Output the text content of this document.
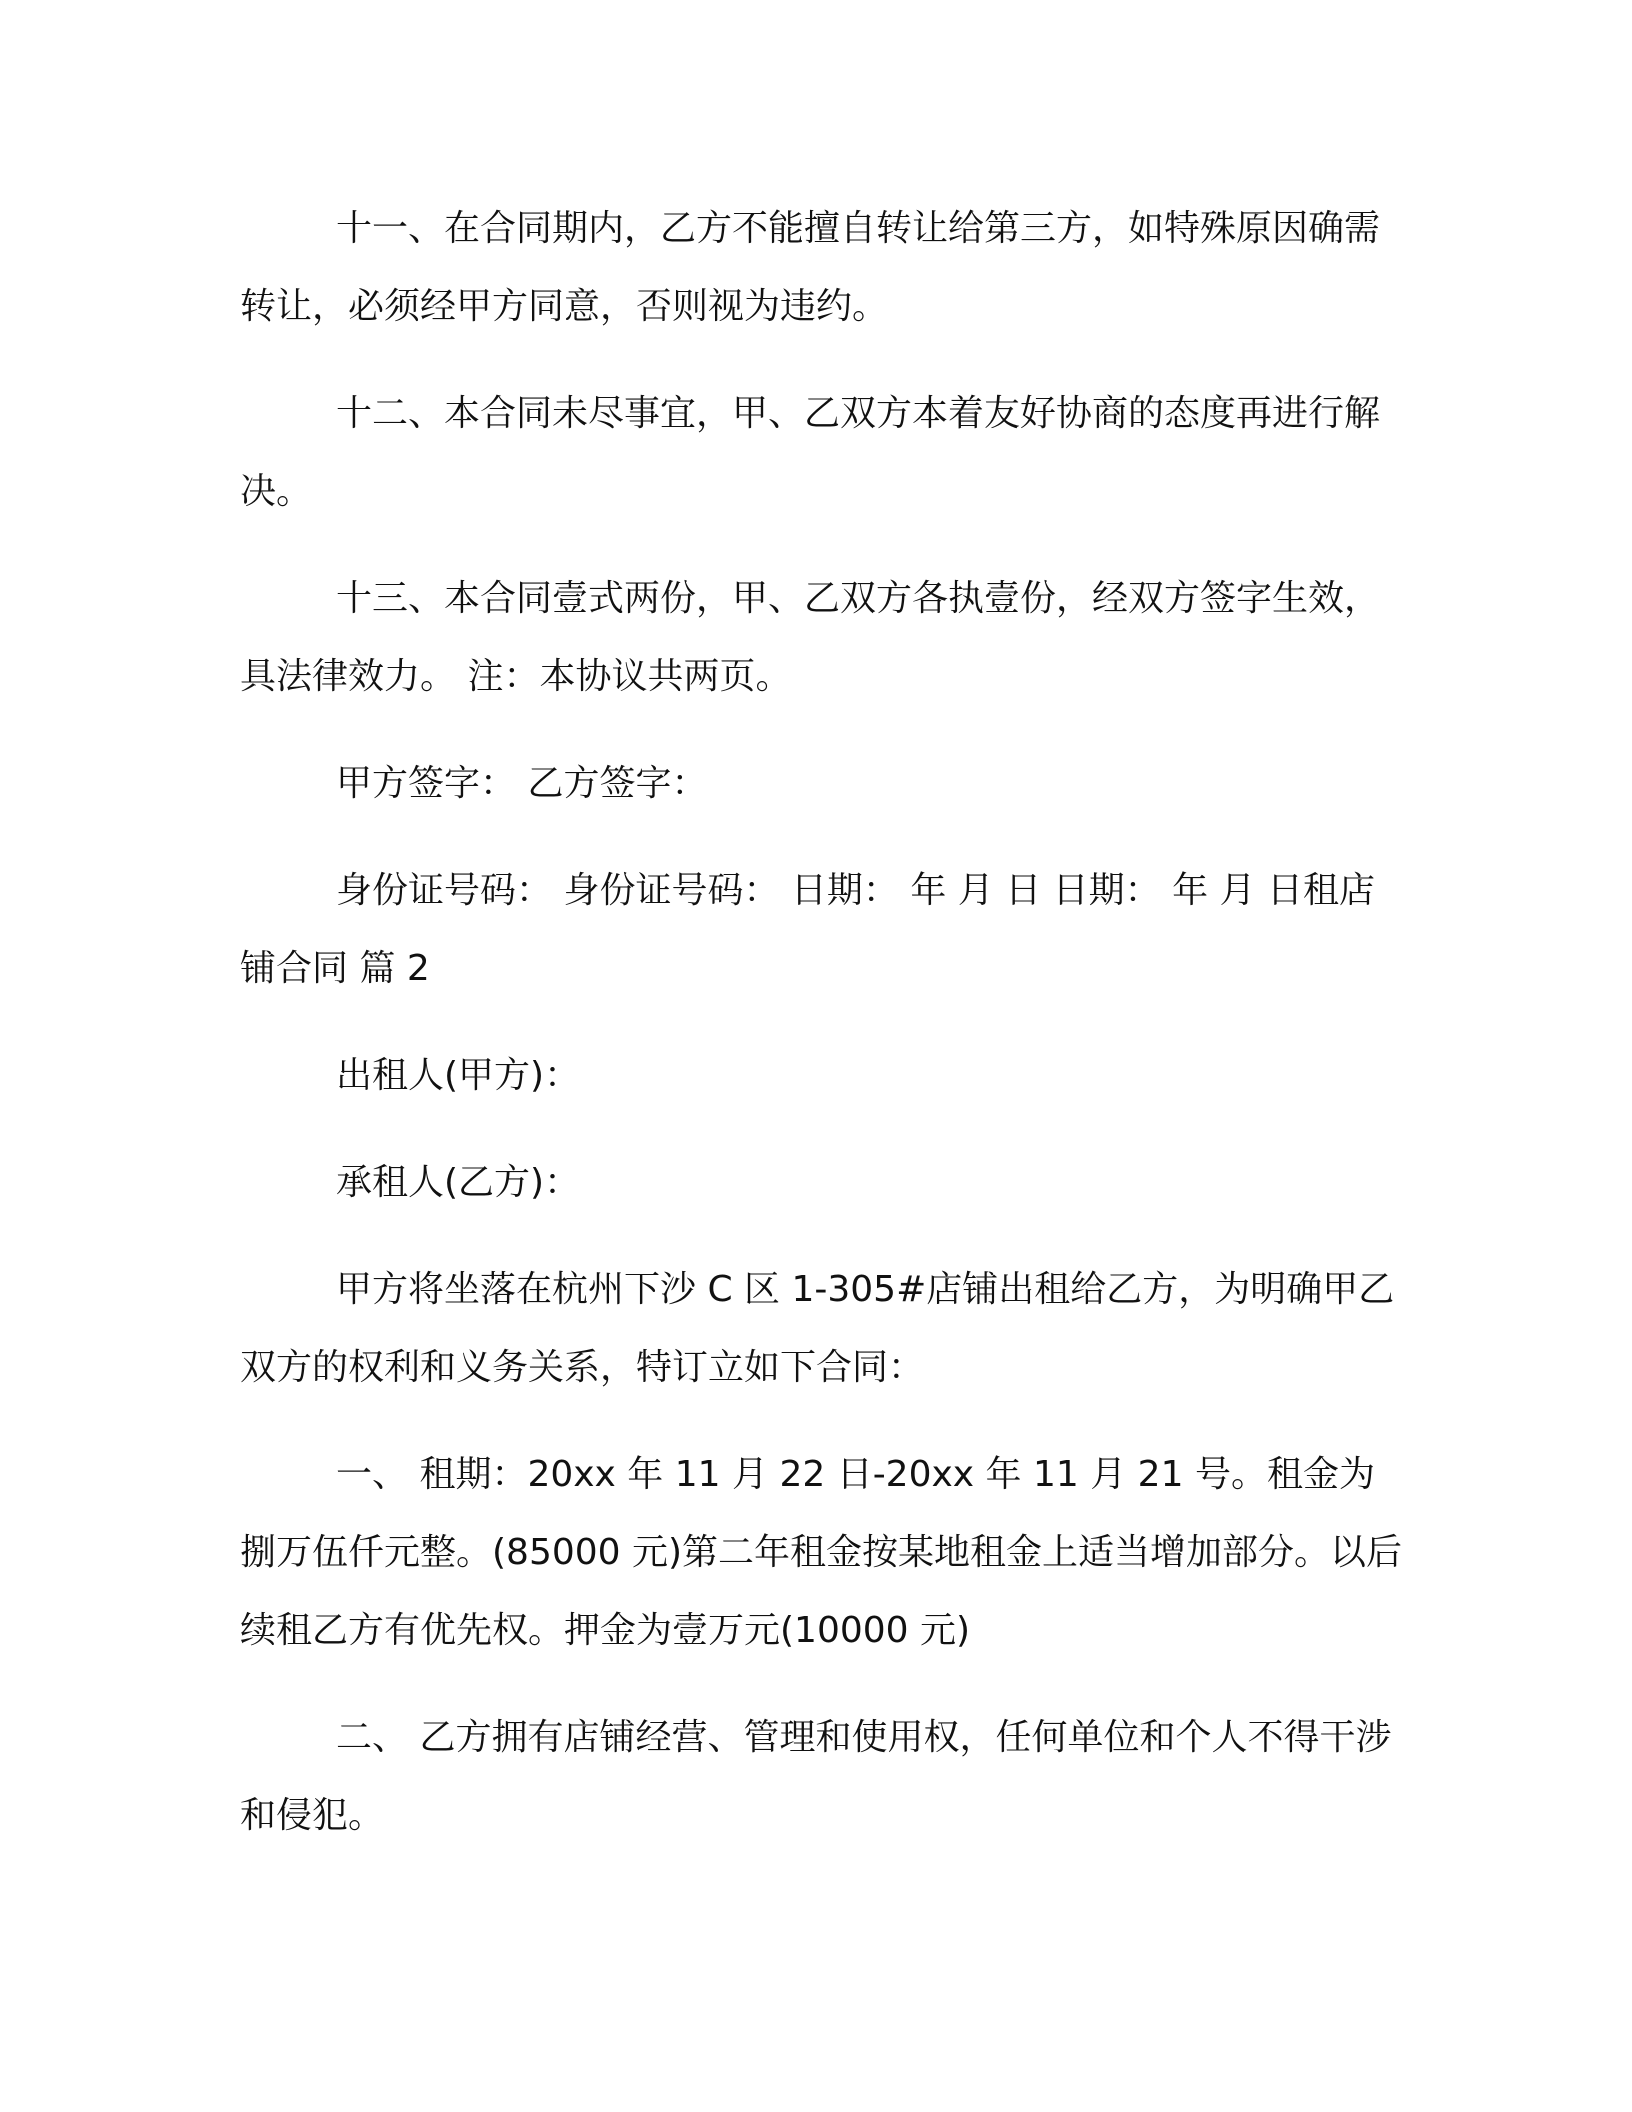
十一、在合同期内，乙方不能擅自转让给第三方，如特殊原因确需转让，必须经甲方同意，否则视为违约。

十二、本合同未尽事宜，甲、乙双方本着友好协商的态度再进行解决。

十三、本合同壹式两份，甲、乙双方各执壹份，经双方签字生效，具法律效力。 注：本协议共两页。

甲方签字： 乙方签字：

身份证号码： 身份证号码： 日期： 年 月 日 日期： 年 月 日租店铺合同 篇 2

出租人(甲方)：

承租人(乙方)：

甲方将坐落在杭州下沙 C 区 1-305#店铺出租给乙方，为明确甲乙双方的权利和义务关系，特订立如下合同：

一、 租期：20xx 年 11 月 22 日-20xx 年 11 月 21 号。租金为捌万伍仟元整。(85000 元)第二年租金按某地租金上适当增加部分。以后续租乙方有优先权。押金为壹万元(10000 元)

二、 乙方拥有店铺经营、管理和使用权，任何单位和个人不得干涉和侵犯。
